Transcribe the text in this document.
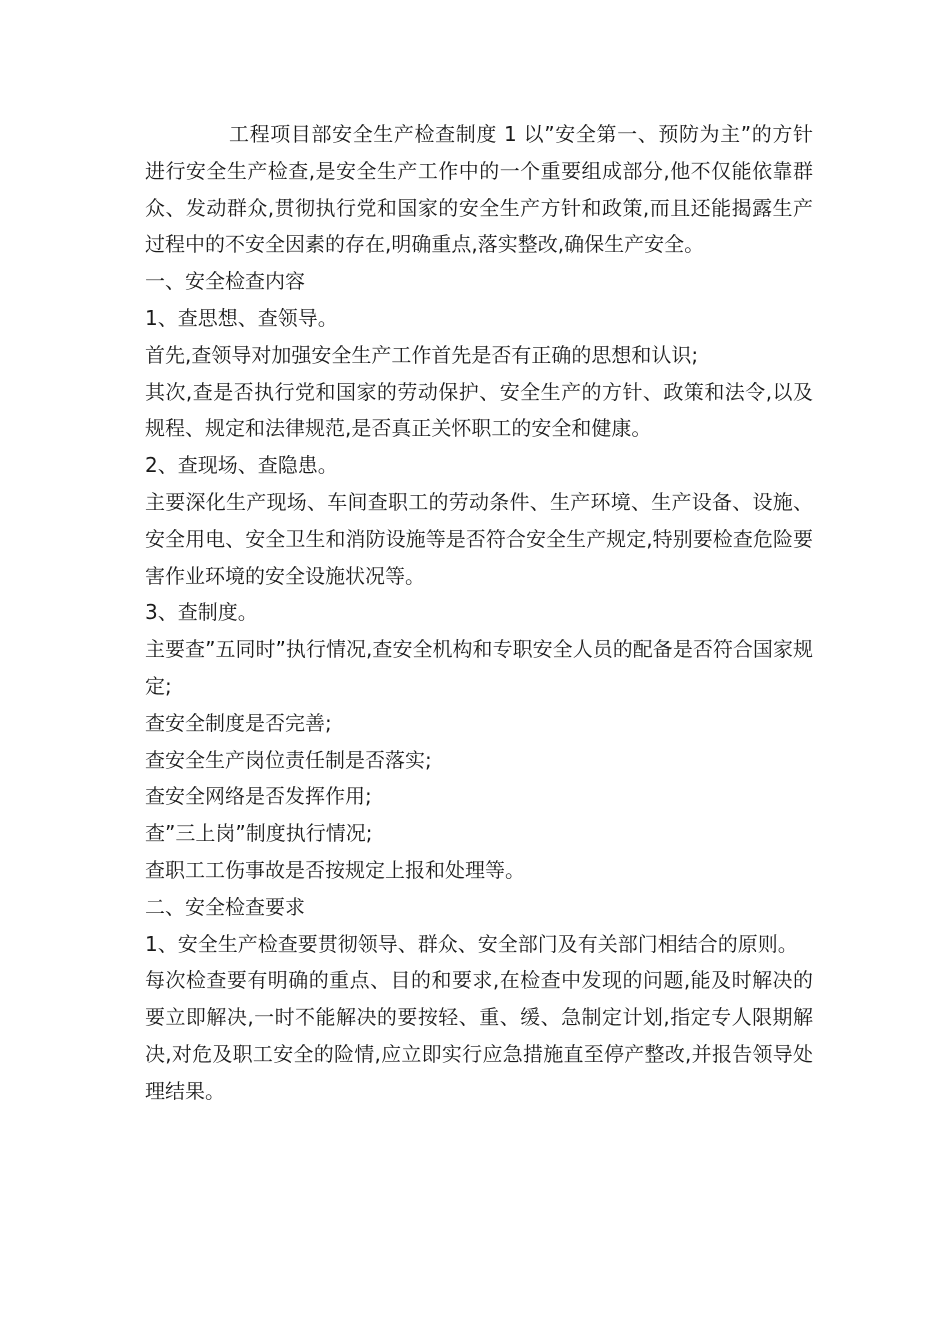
工程项目部安全生产检查制度 1 以”安全第一、预防为主”的方针进行安全生产检查,是安全生产工作中的一个重要组成部分,他不仅能依靠群众、发动群众,贯彻执行党和国家的安全生产方针和政策,而且还能揭露生产过程中的不安全因素的存在,明确重点,落实整改,确保生产安全。

一、安全检查内容

1、查思想、查领导。

首先,查领导对加强安全生产工作首先是否有正确的思想和认识;

其次,查是否执行党和国家的劳动保护、安全生产的方针、政策和法令,以及规程、规定和法律规范,是否真正关怀职工的安全和健康。

2、查现场、查隐患。

主要深化生产现场、车间查职工的劳动条件、生产环境、生产设备、设施、安全用电、安全卫生和消防设施等是否符合安全生产规定,特别要检查危险要害作业环境的安全设施状况等。

3、查制度。

主要查”五同时”执行情况,查安全机构和专职安全人员的配备是否符合国家规定;

查安全制度是否完善;

查安全生产岗位责任制是否落实;

查安全网络是否发挥作用;

查”三上岗”制度执行情况;

查职工工伤事故是否按规定上报和处理等。

二、安全检查要求

1、安全生产检查要贯彻领导、群众、安全部门及有关部门相结合的原则。

每次检查要有明确的重点、目的和要求,在检查中发现的问题,能及时解决的要立即解决,一时不能解决的要按轻、重、缓、急制定计划,指定专人限期解决,对危及职工安全的险情,应立即实行应急措施直至停产整改,并报告领导处理结果。
